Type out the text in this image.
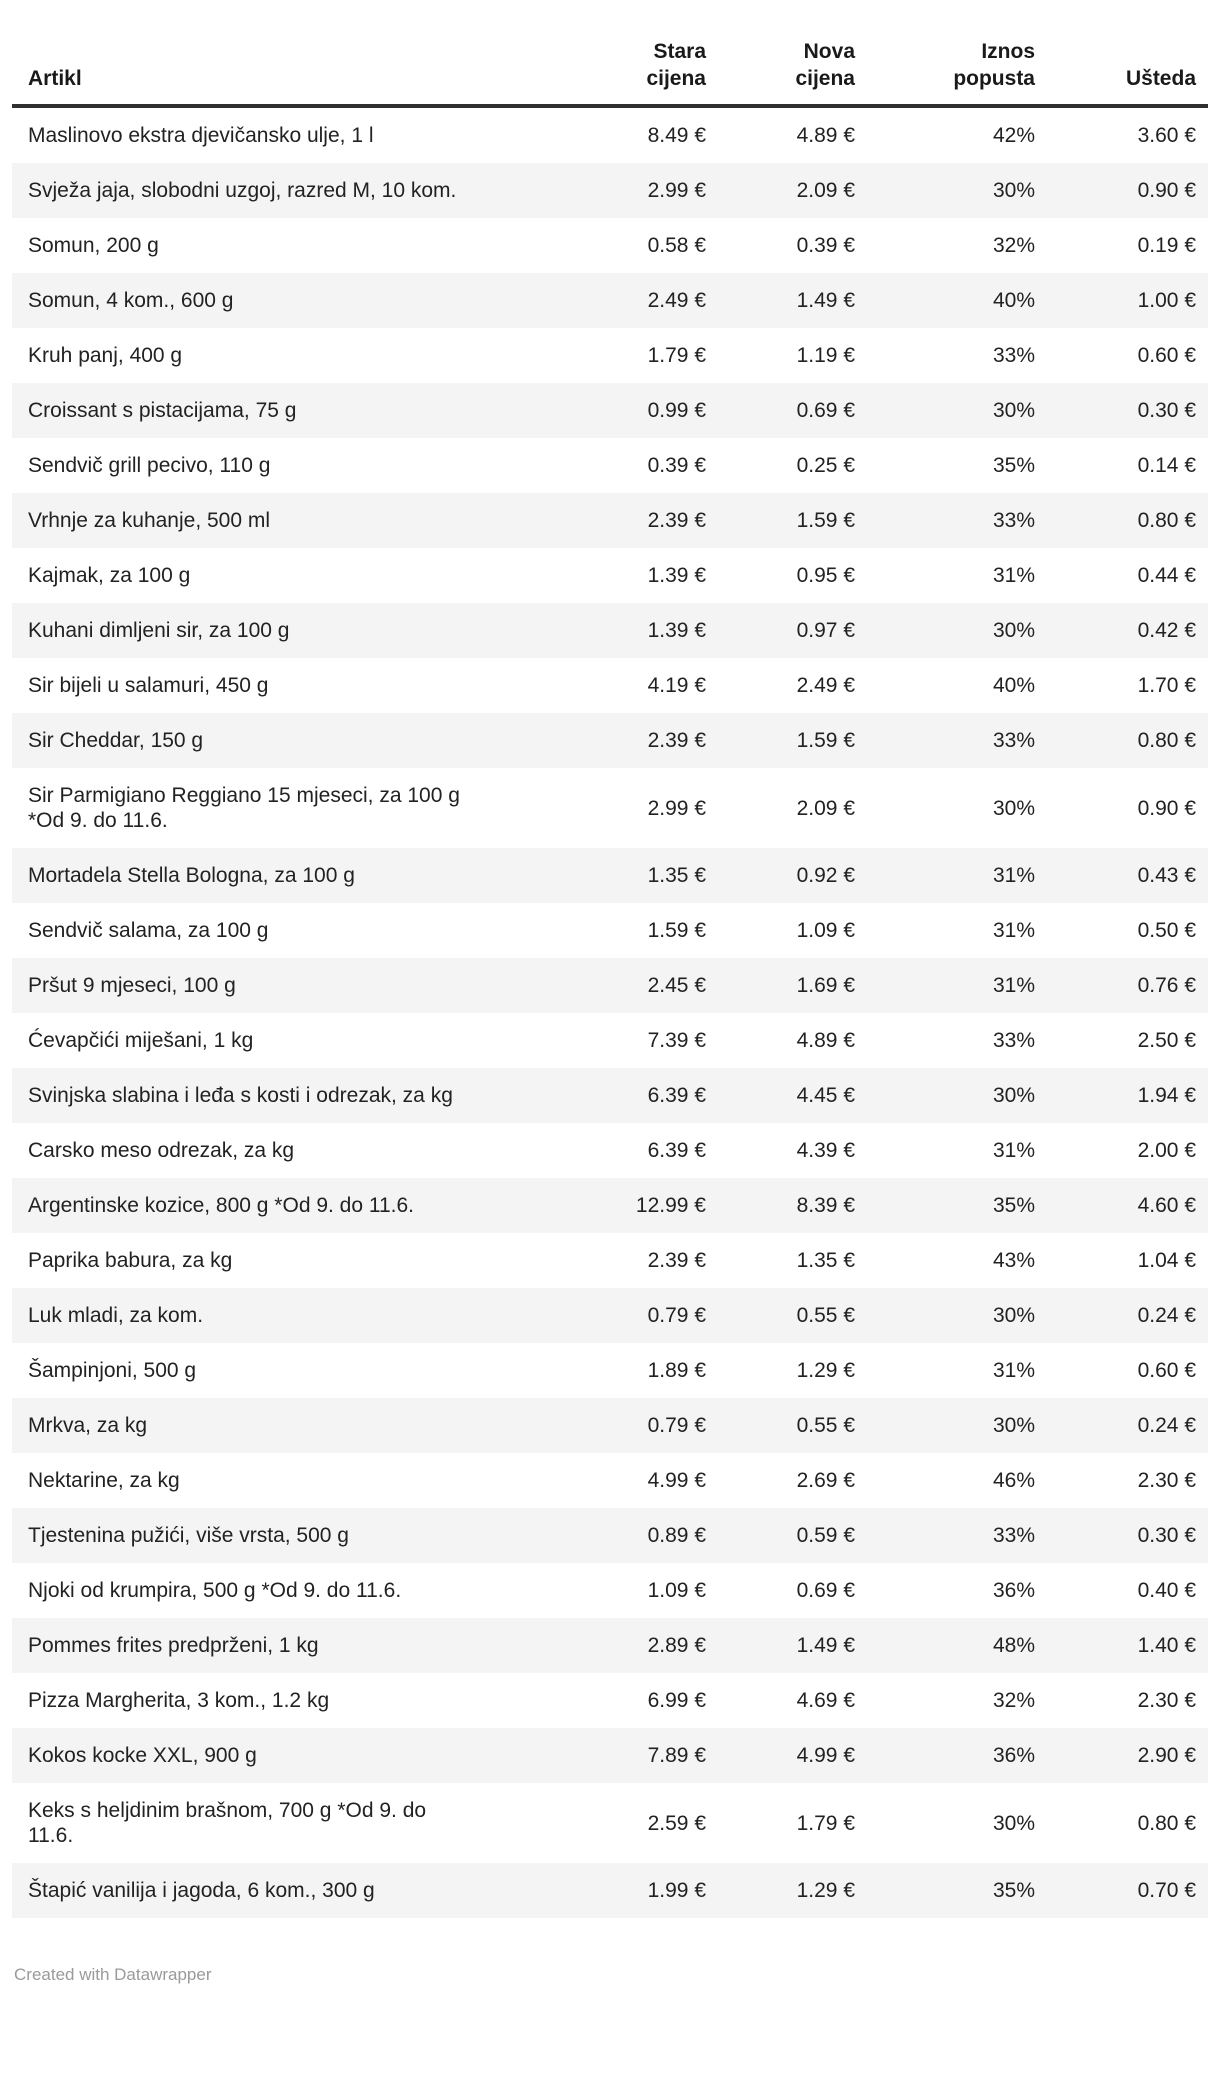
Artikl	Stara cijena	Nova cijena	Iznos popusta	Ušteda
Maslinovo ekstra djevičansko ulje, 1 l	8.49 €	4.89 €	42%	3.60 €
Svježa jaja, slobodni uzgoj, razred M, 10 kom.	2.99 €	2.09 €	30%	0.90 €
Somun, 200 g	0.58 €	0.39 €	32%	0.19 €
Somun, 4 kom., 600 g	2.49 €	1.49 €	40%	1.00 €
Kruh panj, 400 g	1.79 €	1.19 €	33%	0.60 €
Croissant s pistacijama, 75 g	0.99 €	0.69 €	30%	0.30 €
Sendvič grill pecivo, 110 g	0.39 €	0.25 €	35%	0.14 €
Vrhnje za kuhanje, 500 ml	2.39 €	1.59 €	33%	0.80 €
Kajmak, za 100 g	1.39 €	0.95 €	31%	0.44 €
Kuhani dimljeni sir, za 100 g	1.39 €	0.97 €	30%	0.42 €
Sir bijeli u salamuri, 450 g	4.19 €	2.49 €	40%	1.70 €
Sir Cheddar, 150 g	2.39 €	1.59 €	33%	0.80 €
Sir Parmigiano Reggiano 15 mjeseci, za 100 g *Od 9. do 11.6.	2.99 €	2.09 €	30%	0.90 €
Mortadela Stella Bologna, za 100 g	1.35 €	0.92 €	31%	0.43 €
Sendvič salama, za 100 g	1.59 €	1.09 €	31%	0.50 €
Pršut 9 mjeseci, 100 g	2.45 €	1.69 €	31%	0.76 €
Ćevapčići miješani, 1 kg	7.39 €	4.89 €	33%	2.50 €
Svinjska slabina i leđa s kosti i odrezak, za kg	6.39 €	4.45 €	30%	1.94 €
Carsko meso odrezak, za kg	6.39 €	4.39 €	31%	2.00 €
Argentinske kozice, 800 g *Od 9. do 11.6.	12.99 €	8.39 €	35%	4.60 €
Paprika babura, za kg	2.39 €	1.35 €	43%	1.04 €
Luk mladi, za kom.	0.79 €	0.55 €	30%	0.24 €
Šampinjoni, 500 g	1.89 €	1.29 €	31%	0.60 €
Mrkva, za kg	0.79 €	0.55 €	30%	0.24 €
Nektarine, za kg	4.99 €	2.69 €	46%	2.30 €
Tjestenina pužići, više vrsta, 500 g	0.89 €	0.59 €	33%	0.30 €
Njoki od krumpira, 500 g *Od 9. do 11.6.	1.09 €	0.69 €	36%	0.40 €
Pommes frites predprženi, 1 kg	2.89 €	1.49 €	48%	1.40 €
Pizza Margherita, 3 kom., 1.2 kg	6.99 €	4.69 €	32%	2.30 €
Kokos kocke XXL, 900 g	7.89 €	4.99 €	36%	2.90 €
Keks s heljdinim brašnom, 700 g *Od 9. do 11.6.	2.59 €	1.79 €	30%	0.80 €
Štapić vanilija i jagoda, 6 kom., 300 g	1.99 €	1.29 €	35%	0.70 €
Created with Datawrapper
